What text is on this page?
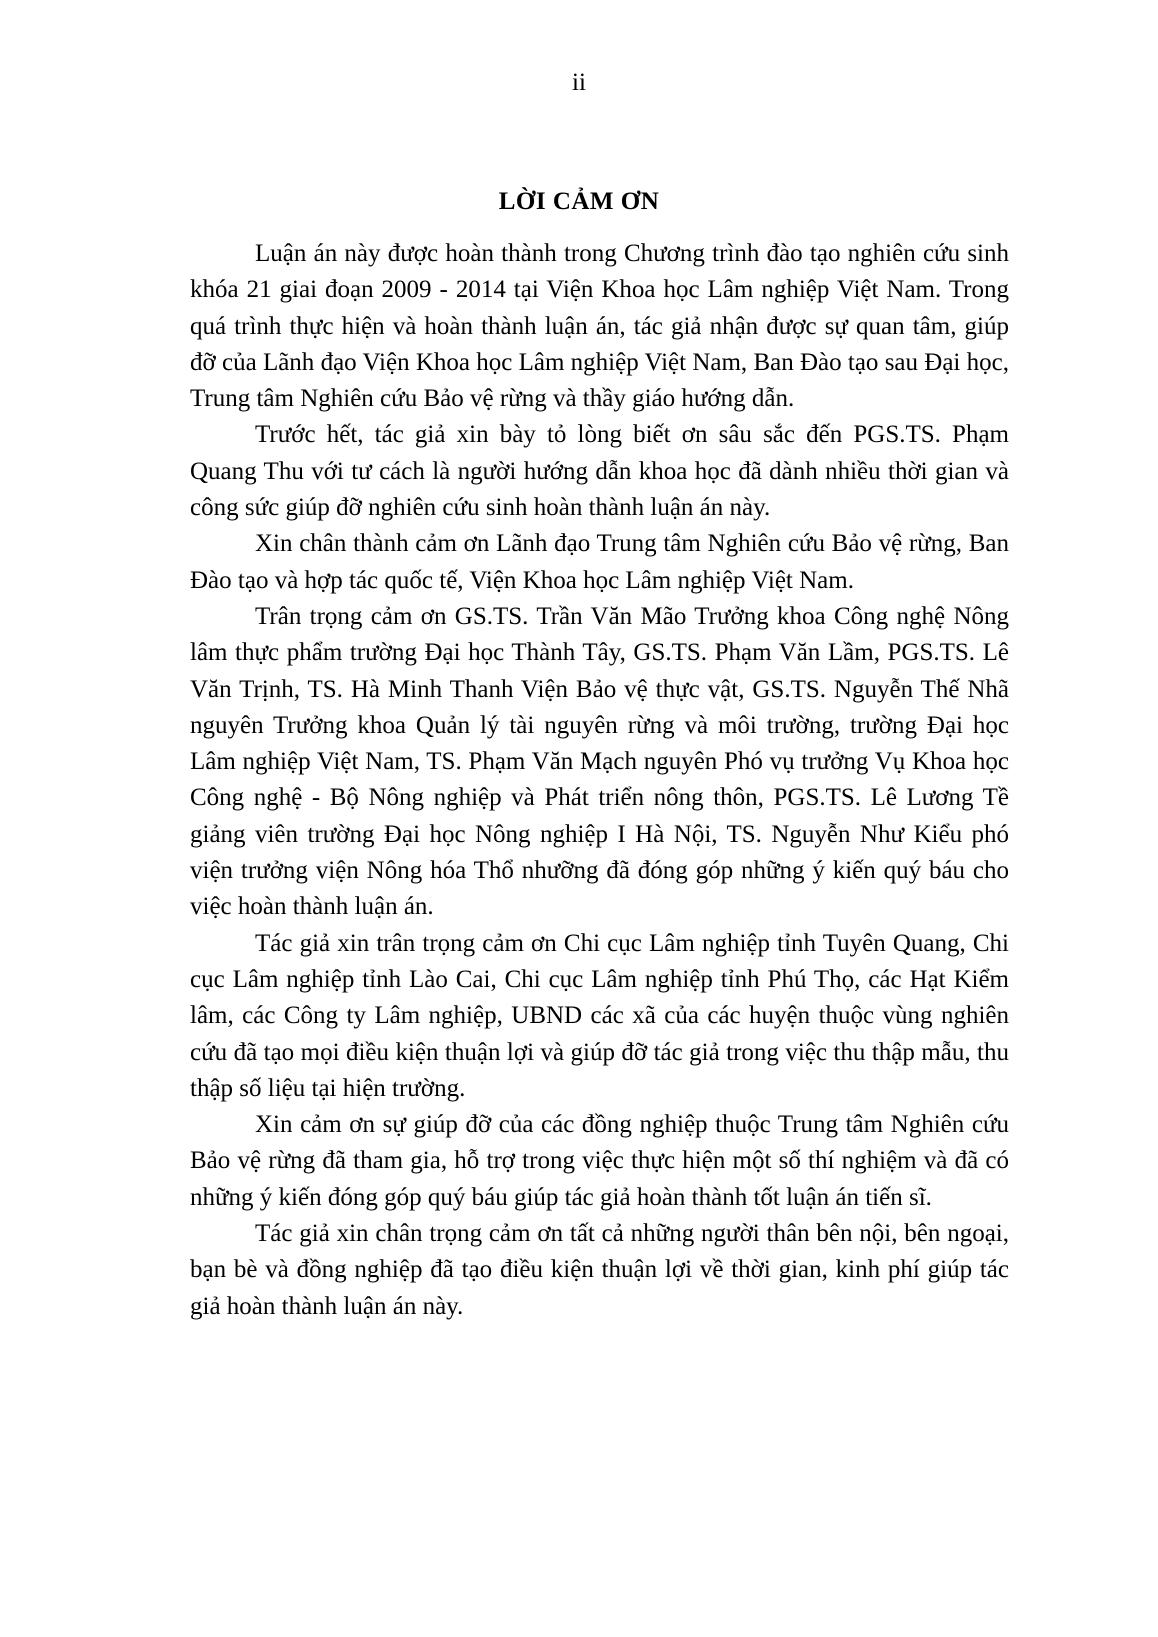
ii
LỜI CẢM ƠN

Luận án này được hoàn thành trong Chương trình đào tạo nghiên cứu sinh khóa 21 giai đoạn 2009 - 2014 tại Viện Khoa học Lâm nghiệp Việt Nam. Trong quá trình thực hiện và hoàn thành luận án, tác giả nhận được sự quan tâm, giúp đỡ của Lãnh đạo Viện Khoa học Lâm nghiệp Việt Nam, Ban Đào tạo sau Đại học, Trung tâm Nghiên cứu Bảo vệ rừng và thầy giáo hướng dẫn.

Trước hết, tác giả xin bày tỏ lòng biết ơn sâu sắc đến PGS.TS. Phạm Quang Thu với tư cách là người hướng dẫn khoa học đã dành nhiều thời gian và công sức giúp đỡ nghiên cứu sinh hoàn thành luận án này.

Xin chân thành cảm ơn Lãnh đạo Trung tâm Nghiên cứu Bảo vệ rừng, Ban Đào tạo và hợp tác quốc tế, Viện Khoa học Lâm nghiệp Việt Nam.

Trân trọng cảm ơn GS.TS. Trần Văn Mão Trưởng khoa Công nghệ Nông lâm thực phẩm trường Đại học Thành Tây, GS.TS. Phạm Văn Lầm, PGS.TS. Lê Văn Trịnh, TS. Hà Minh Thanh Viện Bảo vệ thực vật, GS.TS. Nguyễn Thế Nhã nguyên Trưởng khoa Quản lý tài nguyên rừng và môi trường, trường Đại học Lâm nghiệp Việt Nam, TS. Phạm Văn Mạch nguyên Phó vụ trưởng Vụ Khoa học Công nghệ - Bộ Nông nghiệp và Phát triển nông thôn, PGS.TS. Lê Lương Tề giảng viên trường Đại học Nông nghiệp I Hà Nội, TS. Nguyễn Như Kiểu phó viện trưởng viện Nông hóa Thổ nhưỡng đã đóng góp những ý kiến quý báu cho việc hoàn thành luận án.

Tác giả xin trân trọng cảm ơn Chi cục Lâm nghiệp tỉnh Tuyên Quang, Chi cục Lâm nghiệp tỉnh Lào Cai, Chi cục Lâm nghiệp tỉnh Phú Thọ, các Hạt Kiểm lâm, các Công ty Lâm nghiệp, UBND các xã của các huyện thuộc vùng nghiên cứu đã tạo mọi điều kiện thuận lợi và giúp đỡ tác giả trong việc thu thập mẫu, thu thập số liệu tại hiện trường.

Xin cảm ơn sự giúp đỡ của các đồng nghiệp thuộc Trung tâm Nghiên cứu Bảo vệ rừng đã tham gia, hỗ trợ trong việc thực hiện một số thí nghiệm và đã có những ý kiến đóng góp quý báu giúp tác giả hoàn thành tốt luận án tiến sĩ.

Tác giả xin chân trọng cảm ơn tất cả những người thân bên nội, bên ngoại, bạn bè và đồng nghiệp đã tạo điều kiện thuận lợi về thời gian, kinh phí giúp tác giả hoàn thành luận án này.
